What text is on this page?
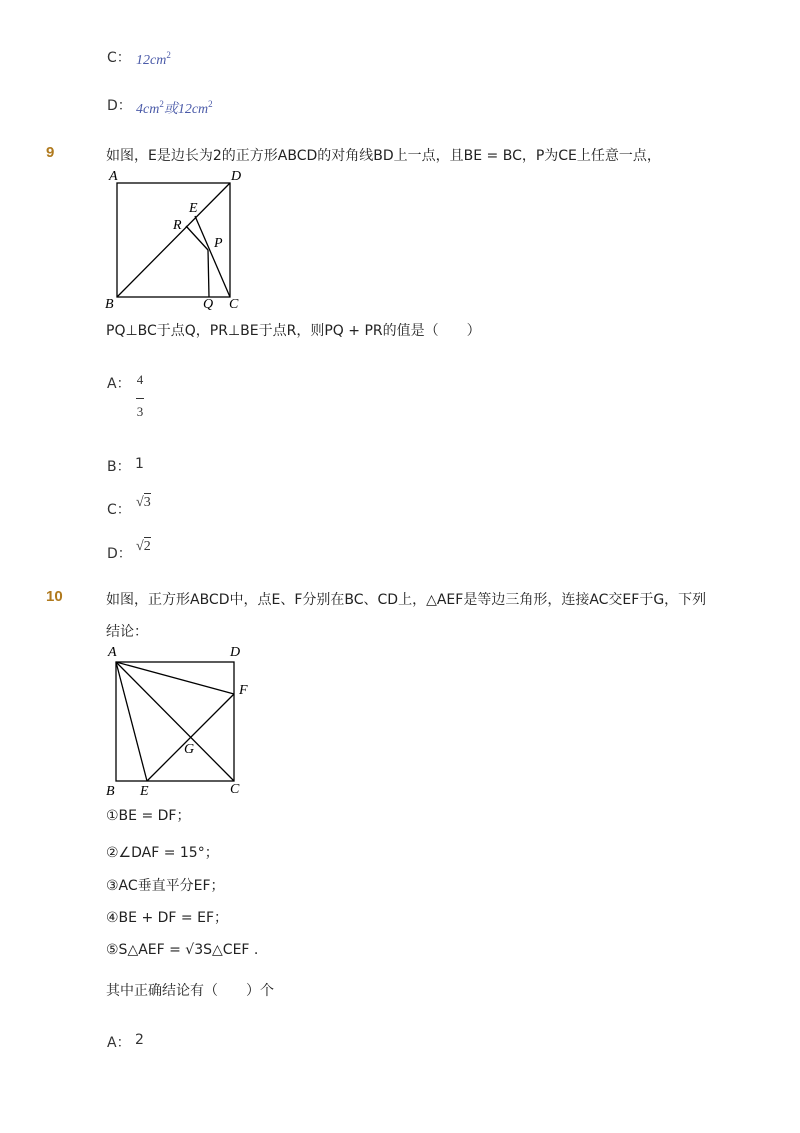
C： $12cm^2$
D： $4cm^2$或$12cm^2$
9	如图，E是边长为2的正方形ABCD的对角线BD上一点，且BE = BC，P为CE上任意一点，
A	D
B	C
E
R
P
Q
PQ⊥BC于点Q，PR⊥BE于点R，则PQ + PR的值是（　　）
A： 4
3
B： 1
C： √3
D： √2
10	如图，正方形ABCD中，点E、F分别在BC、CD上，△AEF是等边三角形，连接AC交EF于G，下列
结论：
A	D
F
G
B E	C
①BE = DF；
②∠DAF = 15°；
③AC垂直平分EF；
④BE + DF = EF；
⑤S△AEF = √3S△CEF .
其中正确结论有（　　）个
A： 2
